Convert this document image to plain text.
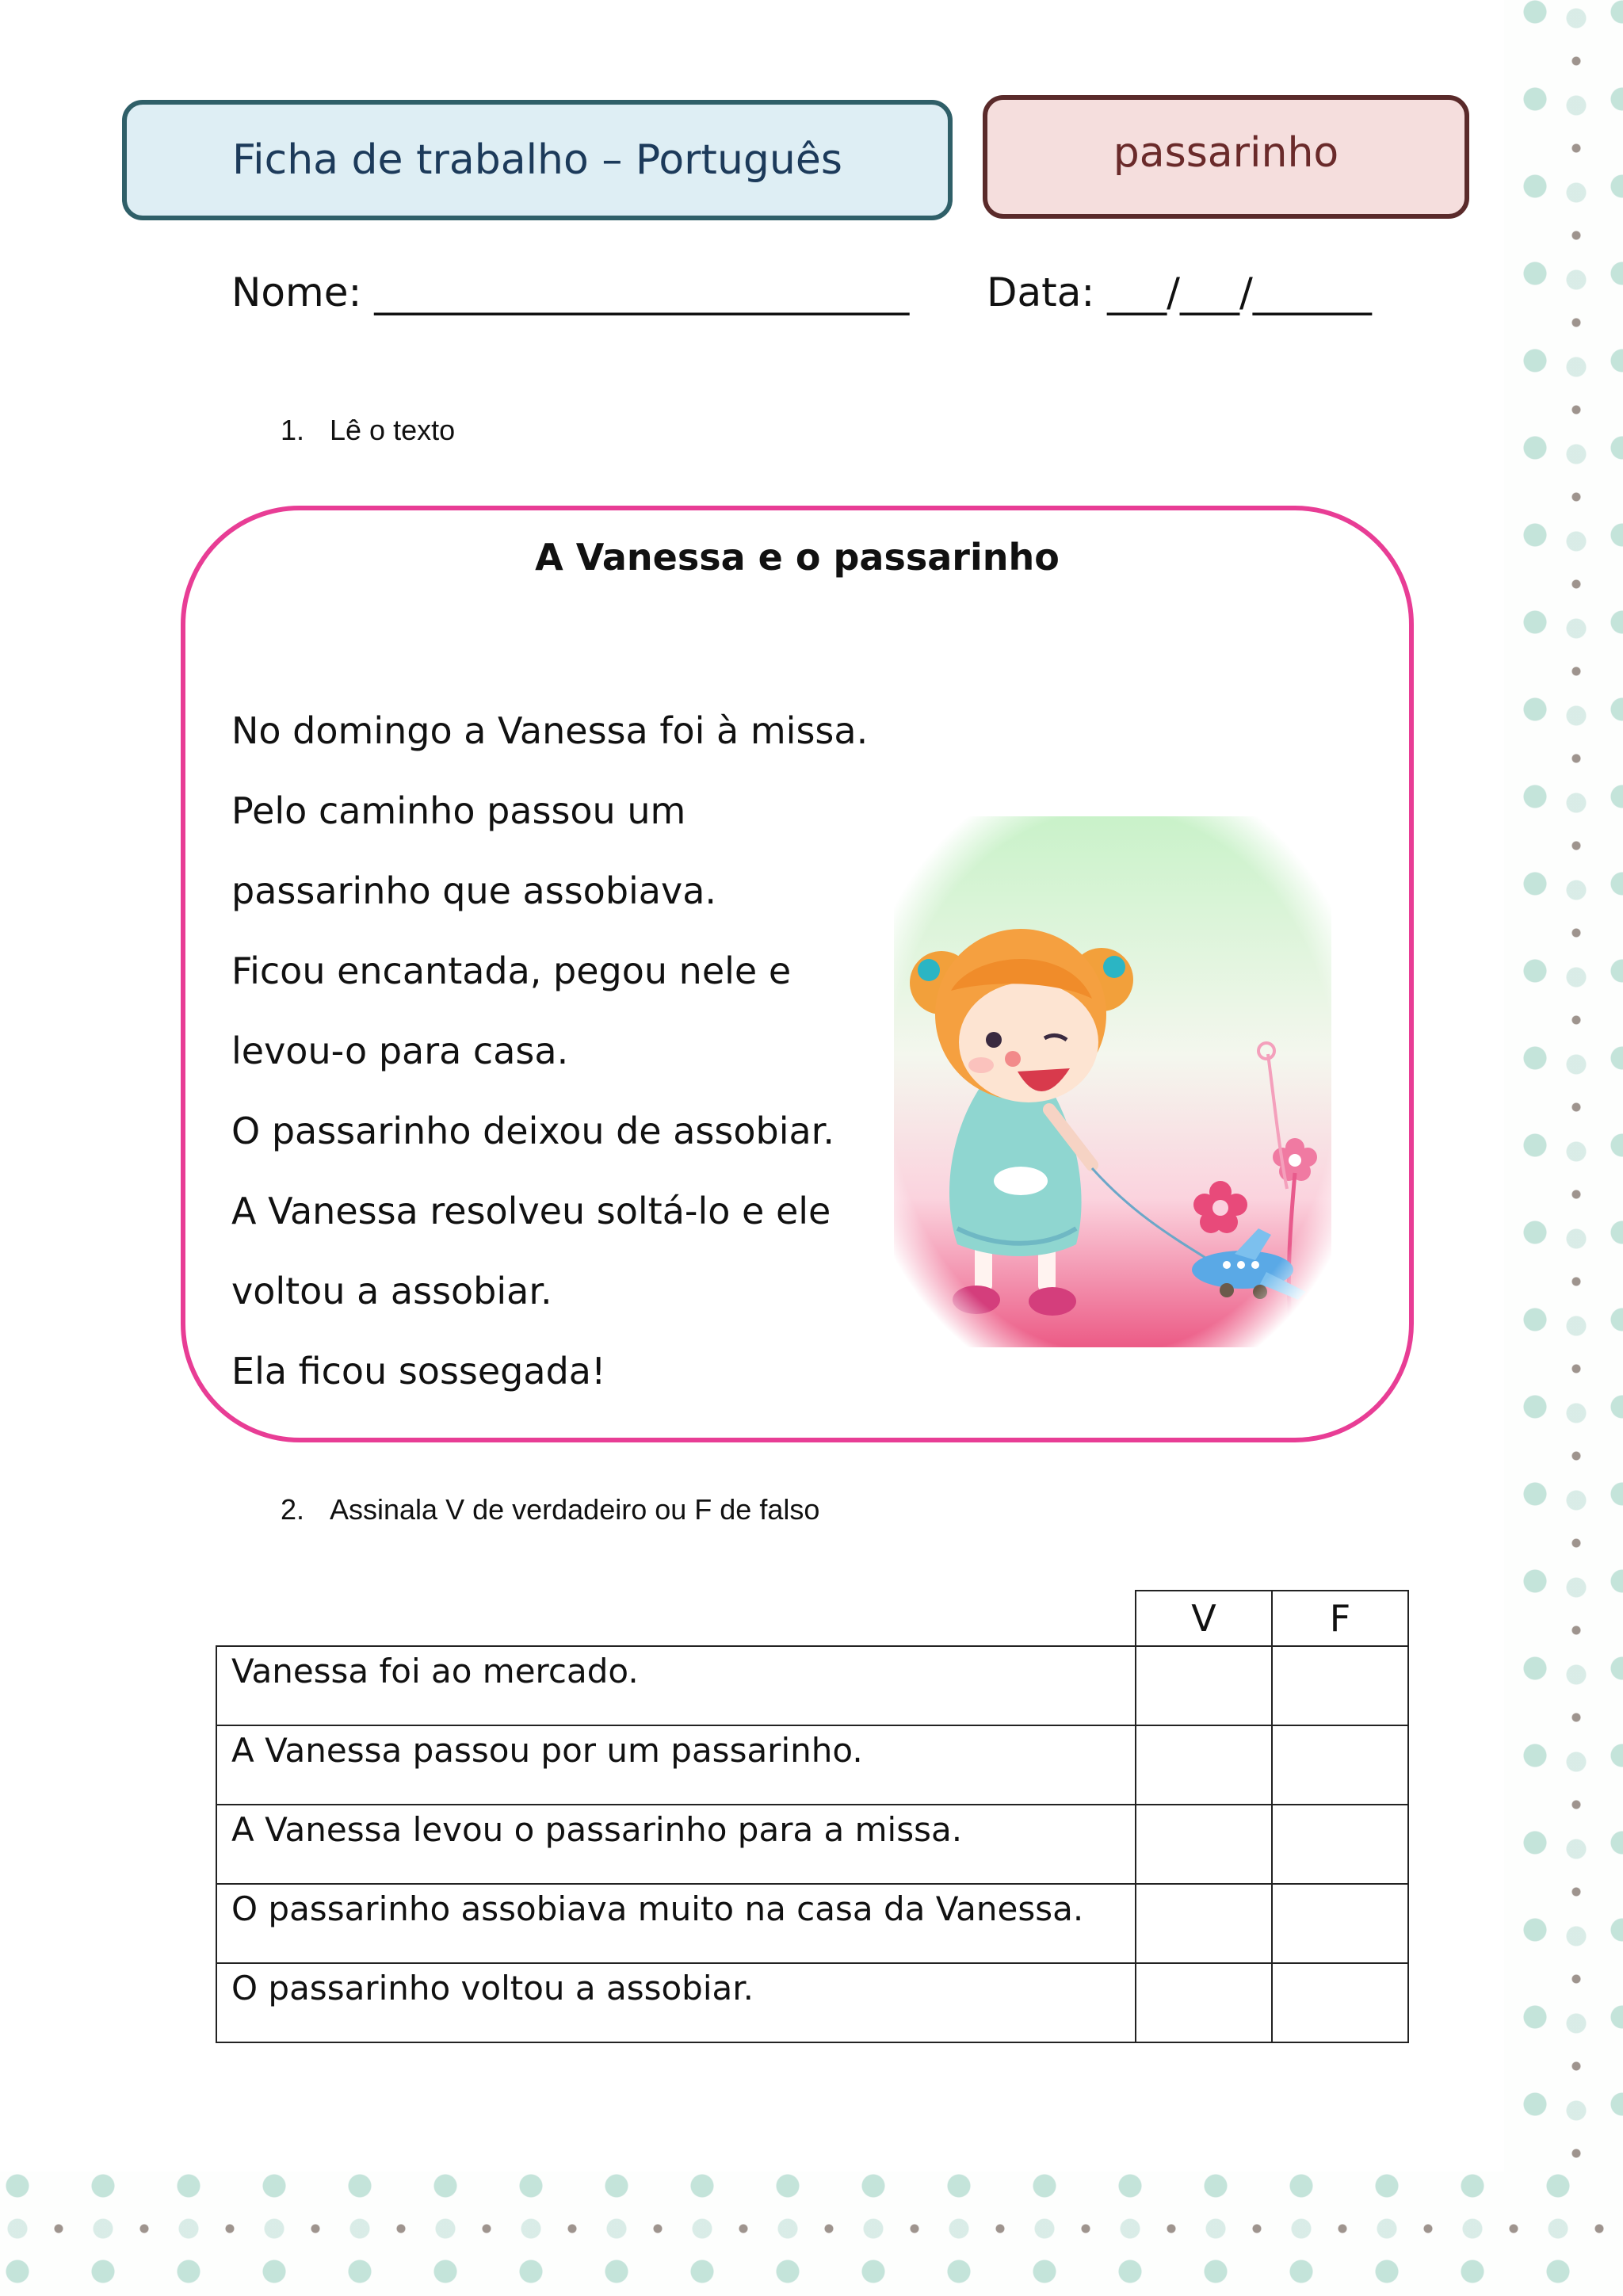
Ficha de trabalho – Português	passarinho
Nome: ___________________________ Data: ___/___/______
1. Lê o texto
A Vanessa e o passarinho
No domingo a Vanessa foi à missa.
Pelo caminho passou um
passarinho que assobiava.
Ficou encantada, pegou nele e
levou-o para casa.
O passarinho deixou de assobiar.
A Vanessa resolveu soltá-lo e ele
voltou a assobiar.
Ela ficou sossegada!
2. Assinala V de verdadeiro ou F de falso
	V	F
Vanessa foi ao mercado.		
A Vanessa passou por um passarinho.		
A Vanessa levou o passarinho para a missa.		
O passarinho assobiava muito na casa da Vanessa.		
O passarinho voltou a assobiar.		
